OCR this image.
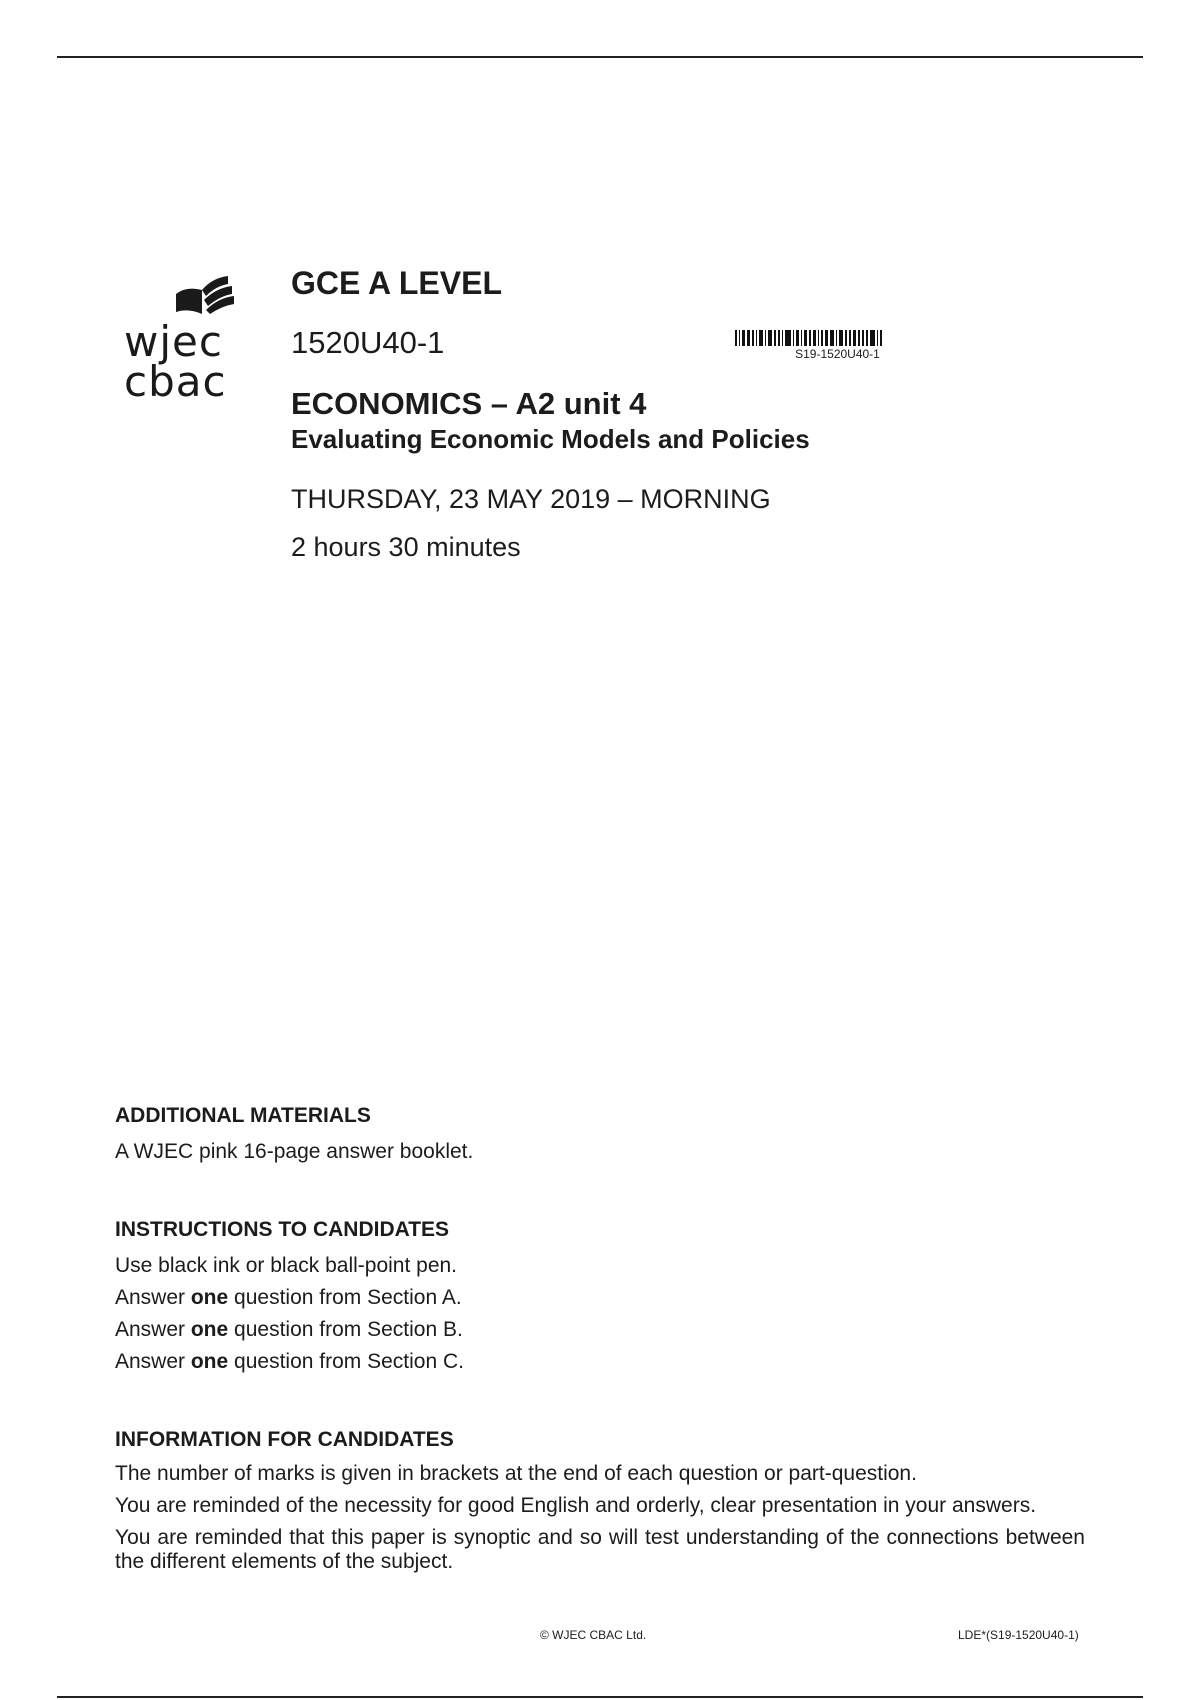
wjec
cbac
GCE A LEVEL
1520U40-1
ECONOMICS – A2 unit 4
Evaluating Economic Models and Policies
THURSDAY, 23 MAY 2019 – MORNING
2 hours 30 minutes
S19-1520U40-1
ADDITIONAL MATERIALS
A WJEC pink 16-page answer booklet.
INSTRUCTIONS TO CANDIDATES
Use black ink or black ball-point pen.
Answer one question from Section A.
Answer one question from Section B.
Answer one question from Section C.
INFORMATION FOR CANDIDATES

The number of marks is given in brackets at the end of each question or part-question.

You are reminded of the necessity for good English and orderly, clear presentation in your answers.

You are reminded that this paper is synoptic and so will test understanding of the connections between the different elements of the subject.

© WJEC CBAC Ltd.	LDE*(S19-1520U40-1)
